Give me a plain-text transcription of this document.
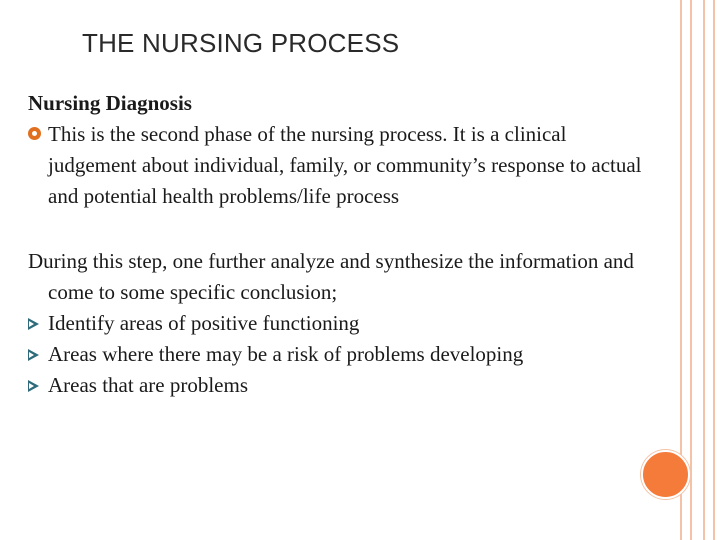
THE NURSING PROCESS
Nursing Diagnosis
This is the second phase of the nursing process. It is a clinical judgement about individual, family, or community’s response to actual and potential health problems/life process
During this step, one further analyze and synthesize the information and come to some specific conclusion;
Identify areas of positive functioning
Areas where there may be a risk of problems developing
Areas that are problems
